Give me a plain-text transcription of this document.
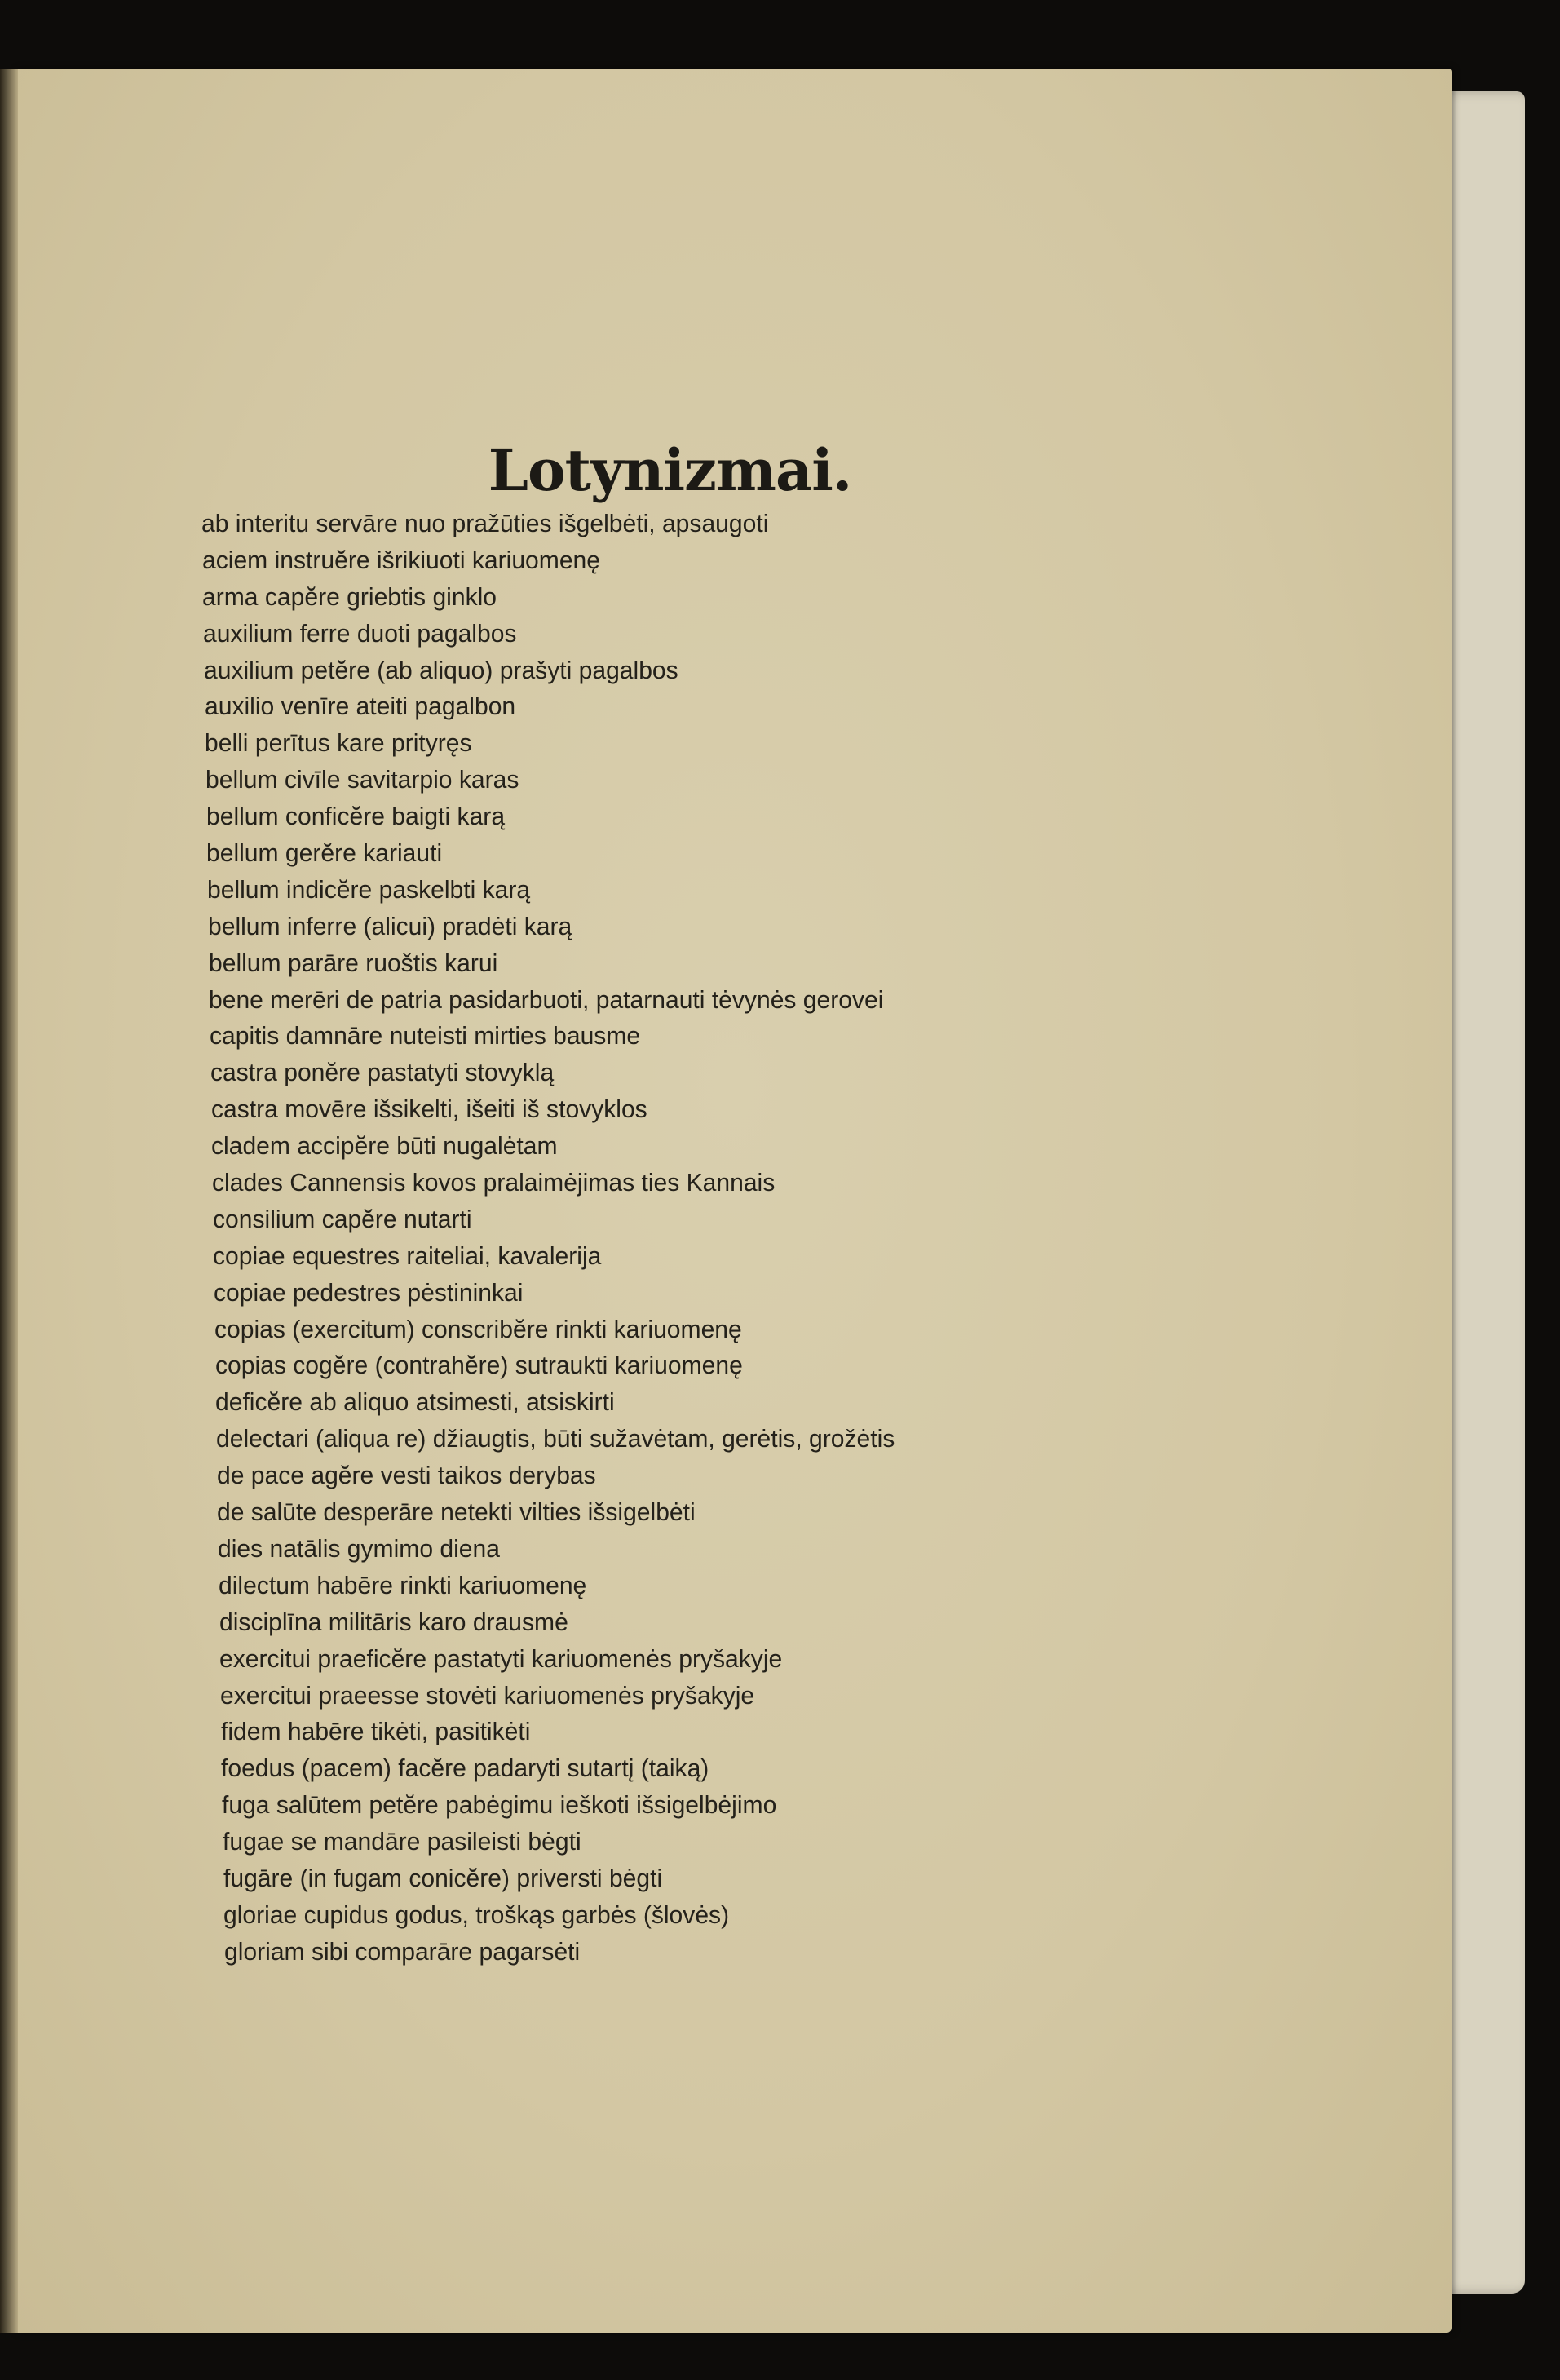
Lotynizmai.
ab interitu servāre nuo pražūties išgelbėti, apsaugoti
aciem instruĕre išrikiuoti kariuomenę
arma capĕre griebtis ginklo
auxilium ferre duoti pagalbos
auxilium petĕre (ab aliquo) prašyti pagalbos
auxilio venīre ateiti pagalbon
belli perītus kare prityręs
bellum civīle savitarpio karas
bellum conficĕre baigti karą
bellum gerĕre kariauti
bellum indicĕre paskelbti karą
bellum inferre (alicui) pradėti karą
bellum parāre ruoštis karui
bene merēri de patria pasidarbuoti, patarnauti tėvynės gerovei
capitis damnāre nuteisti mirties bausme
castra ponĕre pastatyti stovyklą
castra movēre išsikelti, išeiti iš stovyklos
cladem accipĕre būti nugalėtam
clades Cannensis kovos pralaimėjimas ties Kannais
consilium capĕre nutarti
copiae equestres raiteliai, kavalerija
copiae pedestres pėstininkai
copias (exercitum) conscribĕre rinkti kariuomenę
copias cogĕre (contrahĕre) sutraukti kariuomenę
deficĕre ab aliquo atsimesti, atsiskirti
delectari (aliqua re) džiaugtis, būti sužavėtam, gerėtis, grožėtis
de pace agĕre vesti taikos derybas
de salūte desperāre netekti vilties išsigelbėti
dies natālis gymimo diena
dilectum habēre rinkti kariuomenę
disciplīna militāris karo drausmė
exercitui praeficĕre pastatyti kariuomenės pryšakyje
exercitui praeesse stovėti kariuomenės pryšakyje
fidem habēre tikėti, pasitikėti
foedus (pacem) facĕre padaryti sutartį (taiką)
fuga salūtem petĕre pabėgimu ieškoti išsigelbėjimo
fugae se mandāre pasileisti bėgti
fugāre (in fugam conicĕre) priversti bėgti
gloriae cupidus godus, troškąs garbės (šlovės)
gloriam sibi comparāre pagarsėti
